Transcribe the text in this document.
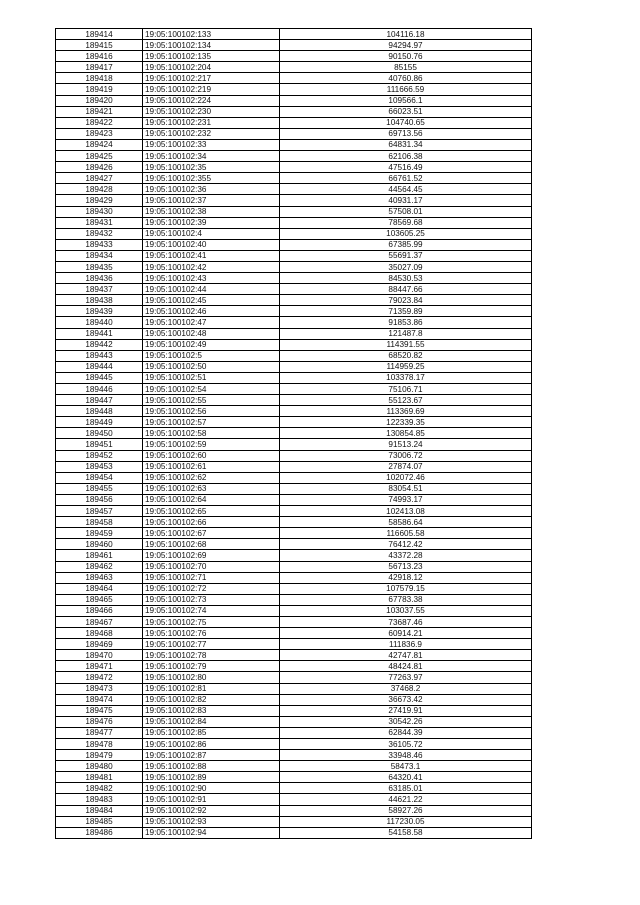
189414	19:05:100102:133	104116.18
189415	19:05:100102:134	94294.97
189416	19:05:100102:135	90150.76
189417	19:05:100102:204	85155
189418	19:05:100102:217	40760.86
189419	19:05:100102:219	111666.59
189420	19:05:100102:224	109566.1
189421	19:05:100102:230	66023.51
189422	19:05:100102:231	104740.65
189423	19:05:100102:232	69713.56
189424	19:05:100102:33	64831.34
189425	19:05:100102:34	62106.38
189426	19:05:100102:35	47516.49
189427	19:05:100102:355	66761.52
189428	19:05:100102:36	44564.45
189429	19:05:100102:37	40931.17
189430	19:05:100102:38	57508.01
189431	19:05:100102:39	78569.68
189432	19:05:100102:4	103605.25
189433	19:05:100102:40	67385.99
189434	19:05:100102:41	55691.37
189435	19:05:100102:42	35027.09
189436	19:05:100102:43	84530.53
189437	19:05:100102:44	88447.66
189438	19:05:100102:45	79023.84
189439	19:05:100102:46	71359.89
189440	19:05:100102:47	91853.86
189441	19:05:100102:48	121487.8
189442	19:05:100102:49	114391.55
189443	19:05:100102:5	68520.82
189444	19:05:100102:50	114959.25
189445	19:05:100102:51	103378.17
189446	19:05:100102:54	75106.71
189447	19:05:100102:55	55123.67
189448	19:05:100102:56	113369.69
189449	19:05:100102:57	122339.35
189450	19:05:100102:58	130854.85
189451	19:05:100102:59	91513.24
189452	19:05:100102:60	73006.72
189453	19:05:100102:61	27874.07
189454	19:05:100102:62	102072.46
189455	19:05:100102:63	83054.51
189456	19:05:100102:64	74993.17
189457	19:05:100102:65	102413.08
189458	19:05:100102:66	58586.64
189459	19:05:100102:67	116605.58
189460	19:05:100102:68	76412.42
189461	19:05:100102:69	43372.28
189462	19:05:100102:70	56713.23
189463	19:05:100102:71	42918.12
189464	19:05:100102:72	107579.15
189465	19:05:100102:73	67783.38
189466	19:05:100102:74	103037.55
189467	19:05:100102:75	73687.46
189468	19:05:100102:76	60914.21
189469	19:05:100102:77	111836.9
189470	19:05:100102:78	42747.81
189471	19:05:100102:79	48424.81
189472	19:05:100102:80	77263.97
189473	19:05:100102:81	37468.2
189474	19:05:100102:82	36673.42
189475	19:05:100102:83	27419.91
189476	19:05:100102:84	30542.26
189477	19:05:100102:85	62844.39
189478	19:05:100102:86	36105.72
189479	19:05:100102:87	33948.46
189480	19:05:100102:88	58473.1
189481	19:05:100102:89	64320.41
189482	19:05:100102:90	63185.01
189483	19:05:100102:91	44621.22
189484	19:05:100102:92	58927.26
189485	19:05:100102:93	117230.05
189486	19:05:100102:94	54158.58
